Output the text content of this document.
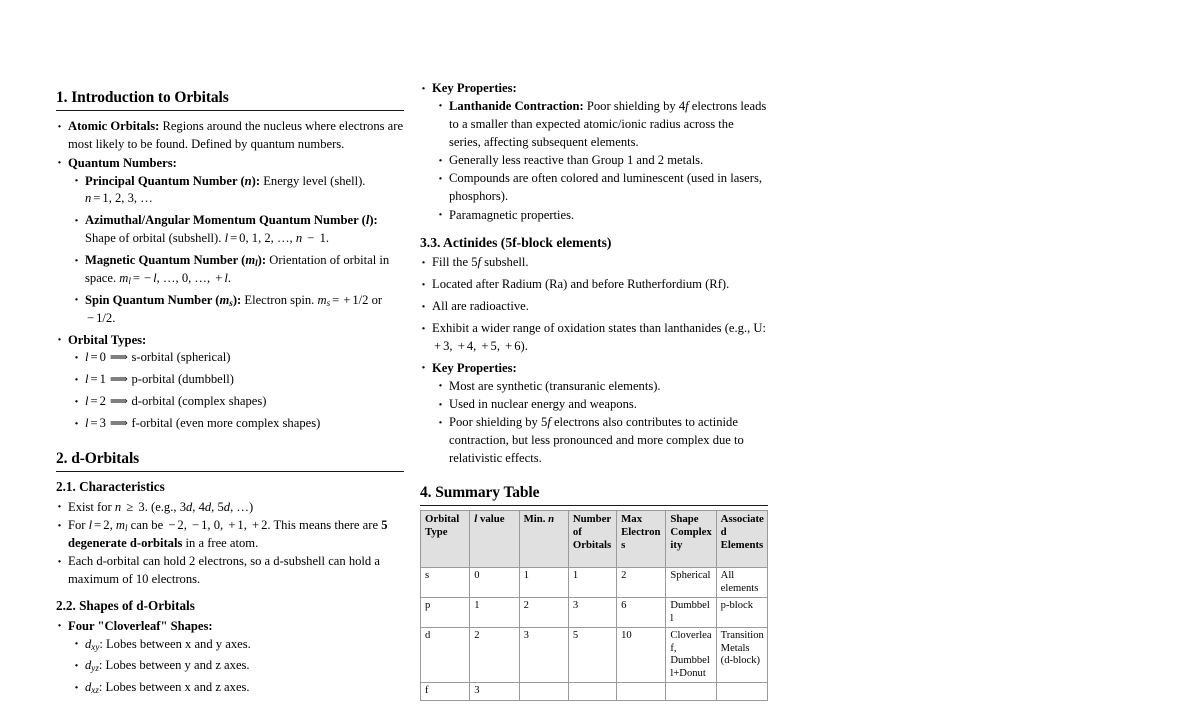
1. Introduction to Orbitals
· Atomic Orbitals: Regions around the nucleus where electrons are most likely to be found. Defined by quantum numbers.
· Quantum Numbers:
· Principal Quantum Number (n): Energy level (shell).
n = 1, 2, 3, …
· Azimuthal/Angular Momentum Quantum Number (l): Shape of orbital (subshell). l = 0, 1, 2, …, n − 1.
· Magnetic Quantum Number $(m_l)$: Orientation of orbital in space. $m_l$ = − l, …, 0, …, + l.
· Spin Quantum Number $(m_s)$: Electron spin. $m_s$ = + 1/2 or − 1/2.
· Orbital Types:
· l = 0 ⟹ s-orbital (spherical)
· l = 1 ⟹ p-orbital (dumbbell)
· l = 2 ⟹ d-orbital (complex shapes)
· l = 3 ⟹ f-orbital (even more complex shapes)
2. d-Orbitals
2.1. Characteristics
· Exist for n ≥ 3. (e.g., 3d, 4d, 5d, …)
· For l = 2, $m_l$ can be − 2, − 1, 0, + 1, + 2. This means there are 5 degenerate d-orbitals in a free atom.
· Each d-orbital can hold 2 electrons, so a d-subshell can hold a maximum of 10 electrons.
2.2. Shapes of d-Orbitals
· Four "Cloverleaf" Shapes:
· $d_{xy}$: Lobes between x and y axes.
· $d_{yz}$: Lobes between y and z axes.
· $d_{xz}$: Lobes between x and z axes.
· Key Properties:
· Lanthanide Contraction: Poor shielding by 4f electrons leads to a smaller than expected atomic/ionic radius across the series, affecting subsequent elements.
· Generally less reactive than Group 1 and 2 metals.
· Compounds are often colored and luminescent (used in lasers, phosphors).
· Paramagnetic properties.
3.3. Actinides (5f-block elements)
· Fill the 5f subshell.
· Located after Radium (Ra) and before Rutherfordium (Rf).
· All are radioactive.
· Exhibit a wider range of oxidation states than lanthanides (e.g., U: + 3, + 4, + 5, + 6).
· Key Properties:
· Most are synthetic (transuranic elements).
· Used in nuclear energy and weapons.
· Poor shielding by 5f electrons also contributes to actinide contraction, but less pronounced and more complex due to relativistic effects.
4. Summary Table
Orbital Type	l value	Min. n	Number of Orbitals	Max Electrons	Shape Complexity	Associated Elements
s	0	1	1	2	Spherical	All elements
p	1	2	3	6	Dumbbell	p-block
d	2	3	5	10	Cloverleaf, Dumbbell+Donut	Transition Metals (d-block)
f	3					
